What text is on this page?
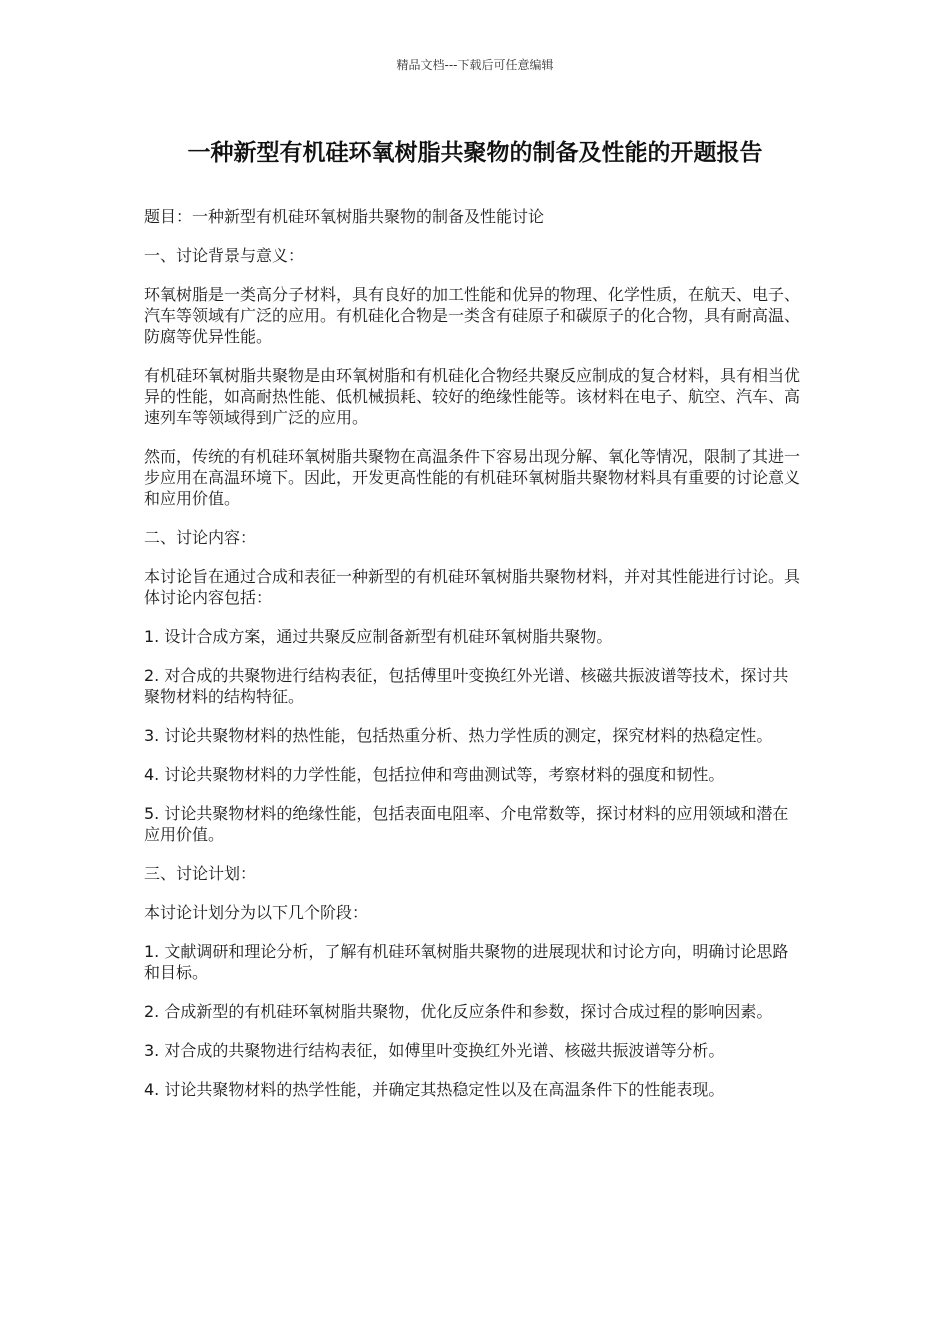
精品文档---下载后可任意编辑
一种新型有机硅环氧树脂共聚物的制备及性能的开题报告

题目：一种新型有机硅环氧树脂共聚物的制备及性能讨论

一、讨论背景与意义：

环氧树脂是一类高分子材料，具有良好的加工性能和优异的物理、化学性质，在航天、电子、汽车等领域有广泛的应用。有机硅化合物是一类含有硅原子和碳原子的化合物，具有耐高温、防腐等优异性能。

有机硅环氧树脂共聚物是由环氧树脂和有机硅化合物经共聚反应制成的复合材料，具有相当优异的性能，如高耐热性能、低机械损耗、较好的绝缘性能等。该材料在电子、航空、汽车、高速列车等领域得到广泛的应用。

然而，传统的有机硅环氧树脂共聚物在高温条件下容易出现分解、氧化等情况，限制了其进一步应用在高温环境下。因此，开发更高性能的有机硅环氧树脂共聚物材料具有重要的讨论意义和应用价值。

二、讨论内容：

本讨论旨在通过合成和表征一种新型的有机硅环氧树脂共聚物材料，并对其性能进行讨论。具体讨论内容包括：

1. 设计合成方案，通过共聚反应制备新型有机硅环氧树脂共聚物。

2. 对合成的共聚物进行结构表征，包括傅里叶变换红外光谱、核磁共振波谱等技术，探讨共聚物材料的结构特征。

3. 讨论共聚物材料的热性能，包括热重分析、热力学性质的测定，探究材料的热稳定性。

4. 讨论共聚物材料的力学性能，包括拉伸和弯曲测试等，考察材料的强度和韧性。

5. 讨论共聚物材料的绝缘性能，包括表面电阻率、介电常数等，探讨材料的应用领域和潜在应用价值。

三、讨论计划：

本讨论计划分为以下几个阶段：

1. 文献调研和理论分析，了解有机硅环氧树脂共聚物的进展现状和讨论方向，明确讨论思路和目标。

2. 合成新型的有机硅环氧树脂共聚物，优化反应条件和参数，探讨合成过程的影响因素。

3. 对合成的共聚物进行结构表征，如傅里叶变换红外光谱、核磁共振波谱等分析。

4. 讨论共聚物材料的热学性能，并确定其热稳定性以及在高温条件下的性能表现。
